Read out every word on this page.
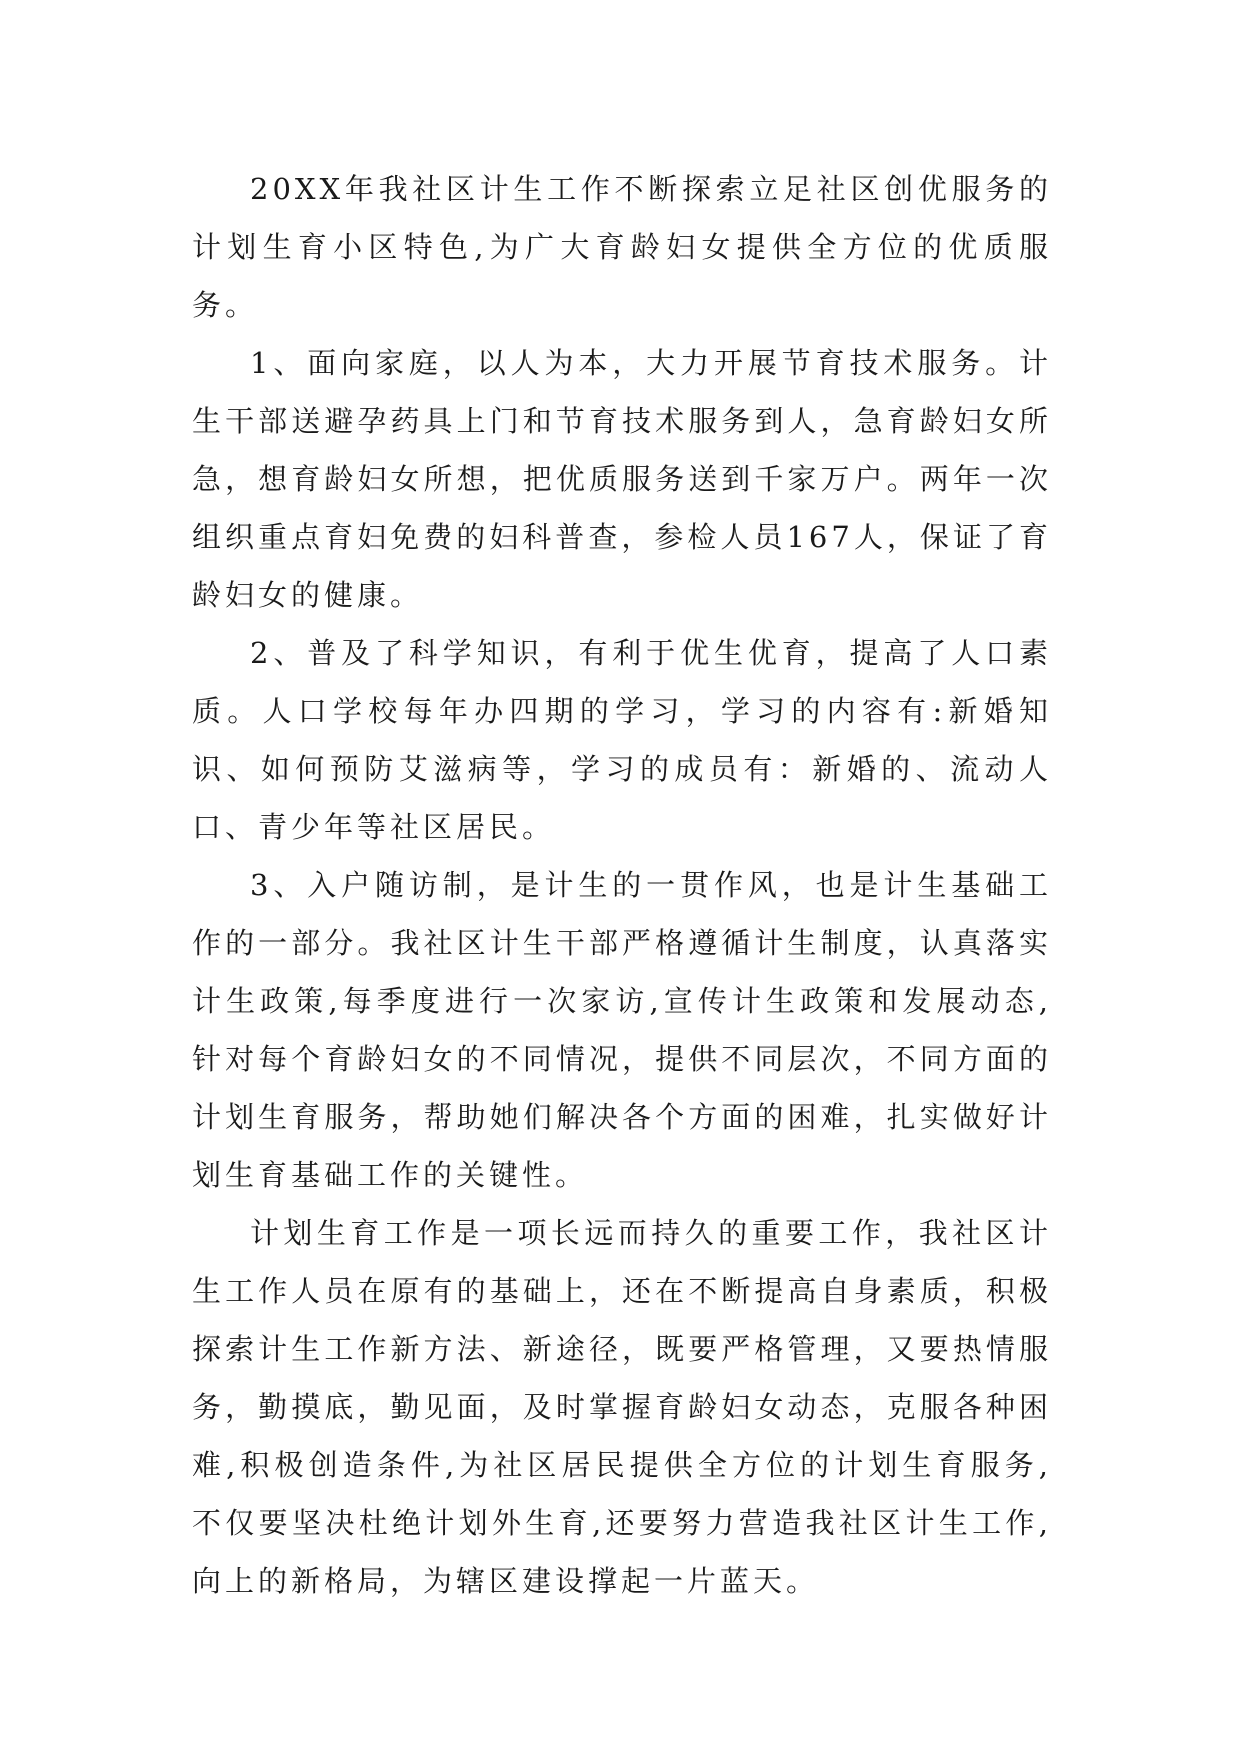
20XX年我社区计生工作不断探索立足社区创优服务的计划生育小区特色,为广大育龄妇女提供全方位的优质服务。

1、面向家庭，以人为本，大力开展节育技术服务。计生干部送避孕药具上门和节育技术服务到人，急育龄妇女所急，想育龄妇女所想，把优质服务送到千家万户。两年一次组织重点育妇免费的妇科普查，参检人员167人，保证了育龄妇女的健康。

2、普及了科学知识，有利于优生优育，提高了人口素质。人口学校每年办四期的学习，学习的内容有:新婚知识、如何预防艾滋病等，学习的成员有：新婚的、流动人口、青少年等社区居民。

3、入户随访制，是计生的一贯作风，也是计生基础工作的一部分。我社区计生干部严格遵循计生制度，认真落实计生政策,每季度进行一次家访,宣传计生政策和发展动态,针对每个育龄妇女的不同情况，提供不同层次，不同方面的计划生育服务，帮助她们解决各个方面的困难，扎实做好计划生育基础工作的关键性。

计划生育工作是一项长远而持久的重要工作，我社区计生工作人员在原有的基础上，还在不断提高自身素质，积极探索计生工作新方法、新途径，既要严格管理，又要热情服务，勤摸底，勤见面，及时掌握育龄妇女动态，克服各种困难,积极创造条件,为社区居民提供全方位的计划生育服务,不仅要坚决杜绝计划外生育,还要努力营造我社区计生工作,向上的新格局，为辖区建设撑起一片蓝天。
